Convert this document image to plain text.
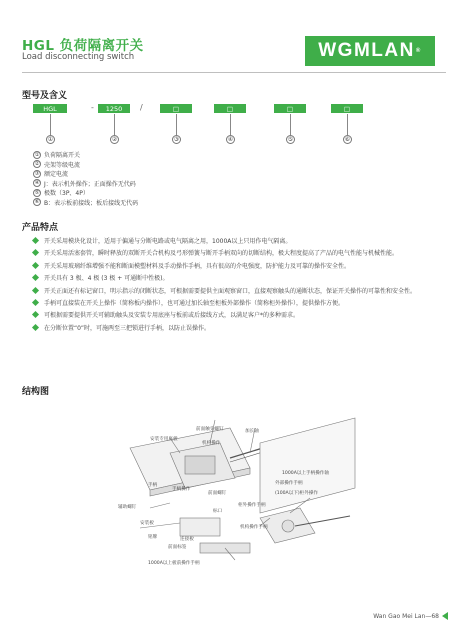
HGL 负荷隔离开关
Load disconnecting switch	WGMLAN ®
型号及含义
HGL	-	1250	/	□	□	□	□
①	②	③	④	⑤	⑥
① 负荷隔离开关
② 壳架等级电流
③ 额定电流
④ J：表示机外操作；正面操作无代码
⑤ 极数（3P、4P）
⑥ B：表示板前接线；板后接线无代码
产品特点
开关采用模块化设计，适用于偏通与分断电路或电气隔离之用，1000A以上只用作电气隔离。
开关采用活塞套管，瞬时释放的双断开关合机构及弓形弹簧与断开手柄双向的切断结构，极大程度提高了产品的电气性能与机械性能。
开关采用玻璃纤维增强不能和断面模塑材料及手动操作手柄，具有很高的介电强度，防护能力及可靠的操作安全性。
开关具有 3 极、4 极 (3 极 + 可通断中性极)。
开关正面还有标记窗口，明示指示的闭断状态，可根据需要提供主面观察窗口，直接观察触头的通断状态，保证开关操作的可靠性和安全性。
手柄可直接装在开关上操作（简称板内操作），也可通过加长轴至柜板外部操作（简称柜外操作），提供操作方便。
可根据需要提供开关可辅助触头及安装专用底座与板前或后接线方式，以满足客户*的多种需求。
在分断位置“0”时，可施两至三把锁进行手柄，以防止误操作。
结构图
安装专用底板
前面触头螺钉
机构操作
加长轴
1000A以上手柄操作轴
外部操作手柄
(100A以下)柜外操作
手柄
手柄操作
前面螺钉
柜外操作手柄
标口
辅助螺钉
安装板
连接板
铭牌
前面标签
机构操作手柄
1000A以上板前操作手柄
Wan Gao Mei Lan—68
